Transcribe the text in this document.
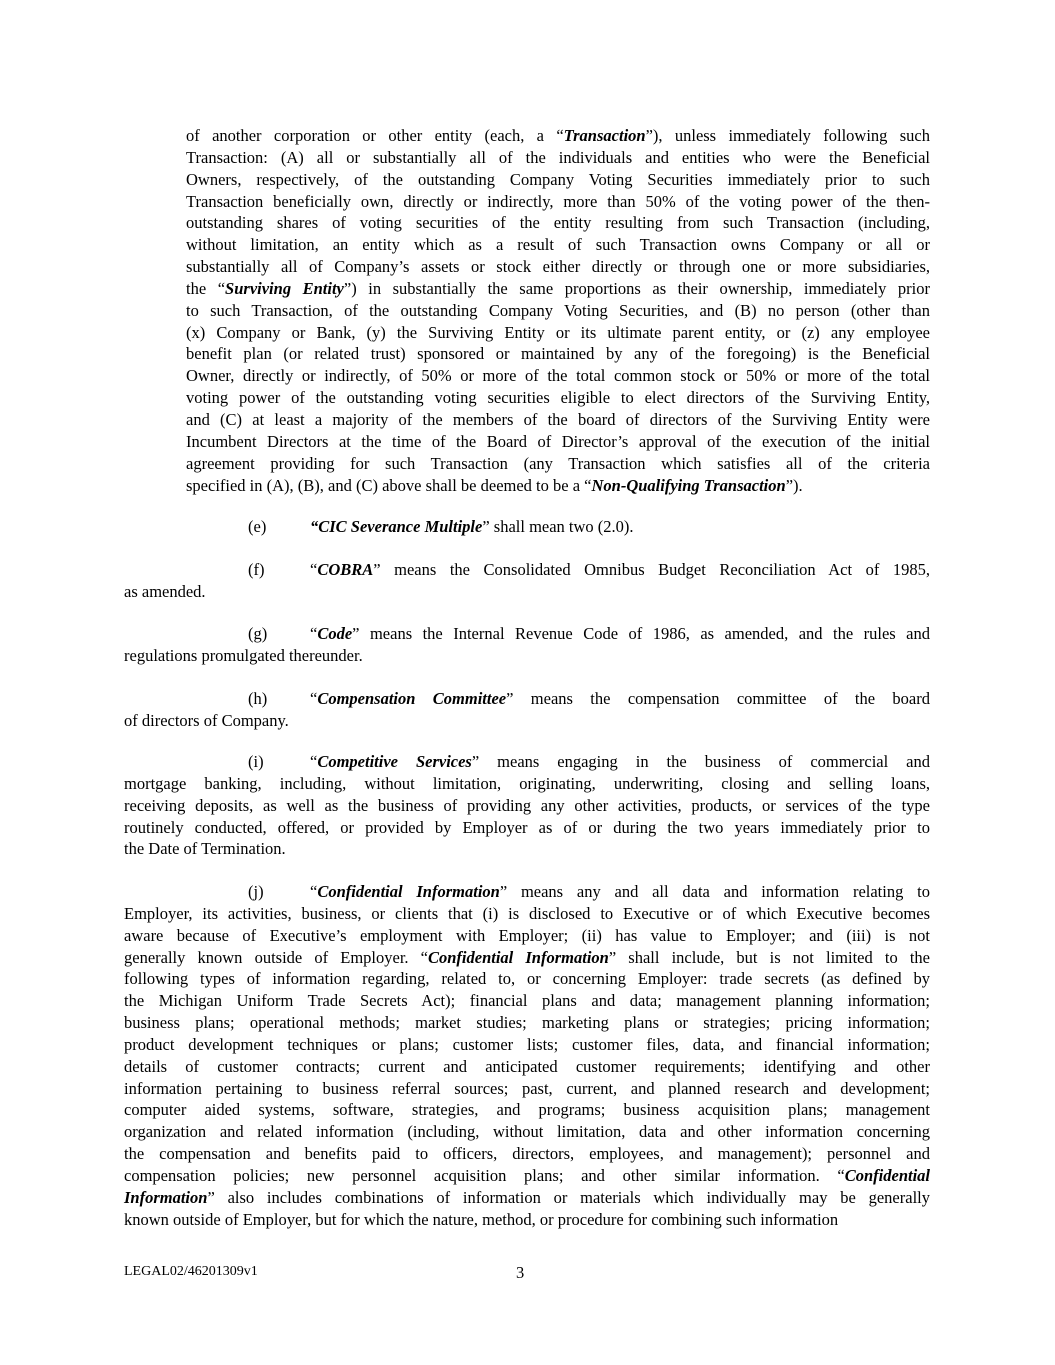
of another corporation or other entity (each, a “Transaction”), unless immediately following such
Transaction: (A) all or substantially all of the individuals and entities who were the Beneficial
Owners, respectively, of the outstanding Company Voting Securities immediately prior to such
Transaction beneficially own, directly or indirectly, more than 50% of the voting power of the then-
outstanding shares of voting securities of the entity resulting from such Transaction (including,
without limitation, an entity which as a result of such Transaction owns Company or all or
substantially all of Company’s assets or stock either directly or through one or more subsidiaries,
the “Surviving Entity”) in substantially the same proportions as their ownership, immediately prior
to such Transaction, of the outstanding Company Voting Securities, and (B) no person (other than
(x) Company or Bank, (y) the Surviving Entity or its ultimate parent entity, or (z) any employee
benefit plan (or related trust) sponsored or maintained by any of the foregoing) is the Beneficial
Owner, directly or indirectly, of 50% or more of the total common stock or 50% or more of the total
voting power of the outstanding voting securities eligible to elect directors of the Surviving Entity,
and (C) at least a majority of the members of the board of directors of the Surviving Entity were
Incumbent Directors at the time of the Board of Director’s approval of the execution of the initial
agreement providing for such Transaction (any Transaction which satisfies all of the criteria
specified in (A), (B), and (C) above shall be deemed to be a “Non-Qualifying Transaction”).

(e)	“CIC Severance Multiple” shall mean two (2.0).

(f)	“COBRA” means the Consolidated Omnibus Budget Reconciliation Act of 1985,
as amended.

(g)	“Code” means the Internal Revenue Code of 1986, as amended, and the rules and
regulations promulgated thereunder.

(h)	“Compensation Committee” means the compensation committee of the board
of directors of Company.

(i)	“Competitive Services” means engaging in the business of commercial and
mortgage banking, including, without limitation, originating, underwriting, closing and selling loans,
receiving deposits, as well as the business of providing any other activities, products, or services of the type
routinely conducted, offered, or provided by Employer as of or during the two years immediately prior to
the Date of Termination.

(j)	“Confidential Information” means any and all data and information relating to
Employer, its activities, business, or clients that (i) is disclosed to Executive or of which Executive becomes
aware because of Executive’s employment with Employer; (ii) has value to Employer; and (iii) is not
generally known outside of Employer. “Confidential Information” shall include, but is not limited to the
following types of information regarding, related to, or concerning Employer: trade secrets (as defined by
the Michigan Uniform Trade Secrets Act); financial plans and data; management planning information;
business plans; operational methods; market studies; marketing plans or strategies; pricing information;
product development techniques or plans; customer lists; customer files, data, and financial information;
details of customer contracts; current and anticipated customer requirements; identifying and other
information pertaining to business referral sources; past, current, and planned research and development;
computer aided systems, software, strategies, and programs; business acquisition plans; management
organization and related information (including, without limitation, data and other information concerning
the compensation and benefits paid to officers, directors, employees, and management); personnel and
compensation policies; new personnel acquisition plans; and other similar information. “Confidential
Information” also includes combinations of information or materials which individually may be generally
known outside of Employer, but for which the nature, method, or procedure for combining such information

LEGAL02/46201309v1	3
